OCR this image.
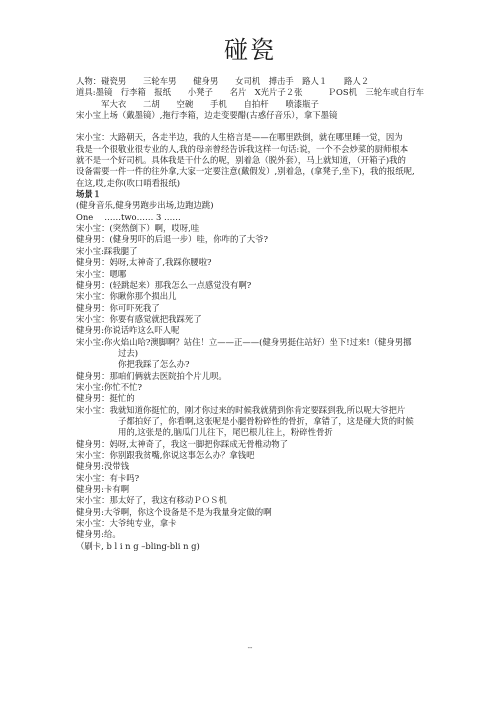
碰瓷
人物：碰瓷男　　三轮车男　　健身男　　女司机　搏击手　路人１　　路人２
道具:墨镜　行李箱　报纸　　小凳子　　名片　X光片子２张　　　ＰOS机　三轮车或自行车
　　　军大衣　　二胡　　空碗　　手机　　自拍杆　　喷漆瓶子
宋小宝上场（戴墨镜）,拖行李箱，边走变要醋(古惑仔音乐），拿下墨镜
宋小宝：大路朝天，各走半边，我的人生格言是——在哪里跌倒，就在哪里睡一觉，因为
我是一个很敬业很专业的人,我的母亲曾经告诉我这样一句话:说，一个不会炒菜的厨师根本
就不是一个好司机。具体我是干什么的呢，别着急（脱外套），马上就知道，（开箱子)我的
设备需要一件一件的往外拿,大家一定要注意(戴假发）,别着急，(拿凳子,坐下)，我的报纸呢,
在这,哎,走你(吹口哨看报纸)
场景１
(健身音乐,健身男跑步出场,边跑边跳)
One　 ……two…… 3 ……
宋小宝：(突然倒下）啊，哎呀,哇
健身男：(健身男吓的后退一步）哇，你咋的了大爷?
宋小宝:踩我腿了
健身男：妈呀,太神奇了,我踩你腰啦?
宋小宝：嗯哪
健身男：(轻跳起来）那我怎么一点感觉没有啊?
宋小宝：你瞅你那个损出儿
健身男：你可吓死我了
宋小宝：你要有感觉就把我踩死了
健身男:你说话咋这么吓人呢
宋小宝:你火焰山哈?澳脚啊？站住！立——正——(健身男挺住站好）坐下!过来!（健身男挪
过去)
你把我踩了怎么办?
健身男：那咱们俩就去医院拍个片儿呗。
宋小宝:你忙不忙?
健身男：挺忙的
宋小宝：我就知道你挺忙的，刚才你过来的时候我就猜到你肯定要踩到我,所以呢大爷把片
子都拍好了，你看啊,这张呢是小腿骨粉碎性的骨折，拿错了，这是碰大货的时候
用的,这张是的,脑瓜门儿往下，尾巴根儿往上，粉碎性骨折
健身男：妈呀,太神奇了，我这一脚把你踩成无骨椎动物了
宋小宝：你别跟我贫嘴,你说这事怎么办？拿钱吧
健身男:没带钱
宋小宝：有卡吗?
健身男:卡有啊
宋小宝：那太好了，我这有移动ＰＯＳ机
健身男:大爷啊，你这个设备是不是为我量身定做的啊
宋小宝：大爷纯专业，拿卡
健身男:给。
（刷卡, b l i n g –bling-bli n g)
--
